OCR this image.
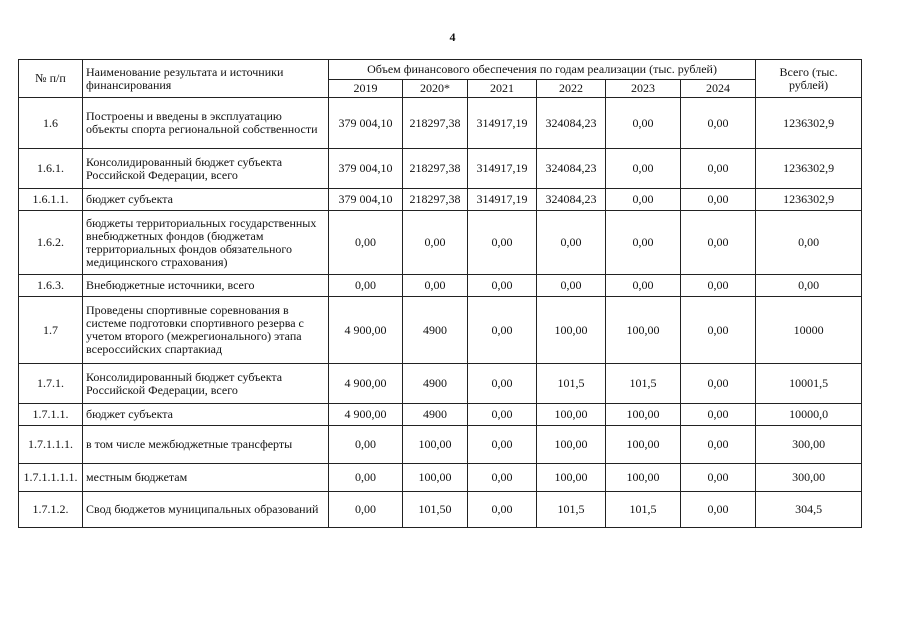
4
№ п/п	Наименование результата и источники финансирования	Объем финансового обеспечения по годам реализации (тыс. рублей)						Всего (тыс. рублей)
		2019	2020*	2021	2022	2023	2024	
1.6	Построены и введены в эксплуатацию объекты спорта региональной собственности	379 004,10	218297,38	314917,19	324084,23	0,00	0,00	1236302,9
1.6.1.	Консолидированный бюджет субъекта Российской Федерации, всего	379 004,10	218297,38	314917,19	324084,23	0,00	0,00	1236302,9
1.6.1.1.	бюджет субъекта	379 004,10	218297,38	314917,19	324084,23	0,00	0,00	1236302,9
1.6.2.	бюджеты территориальных государственных внебюджетных фондов (бюджетам территориальных фондов обязательного медицинского страхования)	0,00	0,00	0,00	0,00	0,00	0,00	0,00
1.6.3.	Внебюджетные источники, всего	0,00	0,00	0,00	0,00	0,00	0,00	0,00
1.7	Проведены спортивные соревнования в системе подготовки спортивного резерва с учетом второго (межрегионального) этапа всероссийских спартакиад	4 900,00	4900	0,00	100,00	100,00	0,00	10000
1.7.1.	Консолидированный бюджет субъекта Российской Федерации, всего	4 900,00	4900	0,00	101,5	101,5	0,00	10001,5
1.7.1.1.	бюджет субъекта	4 900,00	4900	0,00	100,00	100,00	0,00	10000,0
1.7.1.1.1.	в том числе межбюджетные трансферты	0,00	100,00	0,00	100,00	100,00	0,00	300,00
1.7.1.1.1.1.	местным бюджетам	0,00	100,00	0,00	100,00	100,00	0,00	300,00
1.7.1.2.	Свод бюджетов муниципальных образований	0,00	101,50	0,00	101,5	101,5	0,00	304,5
